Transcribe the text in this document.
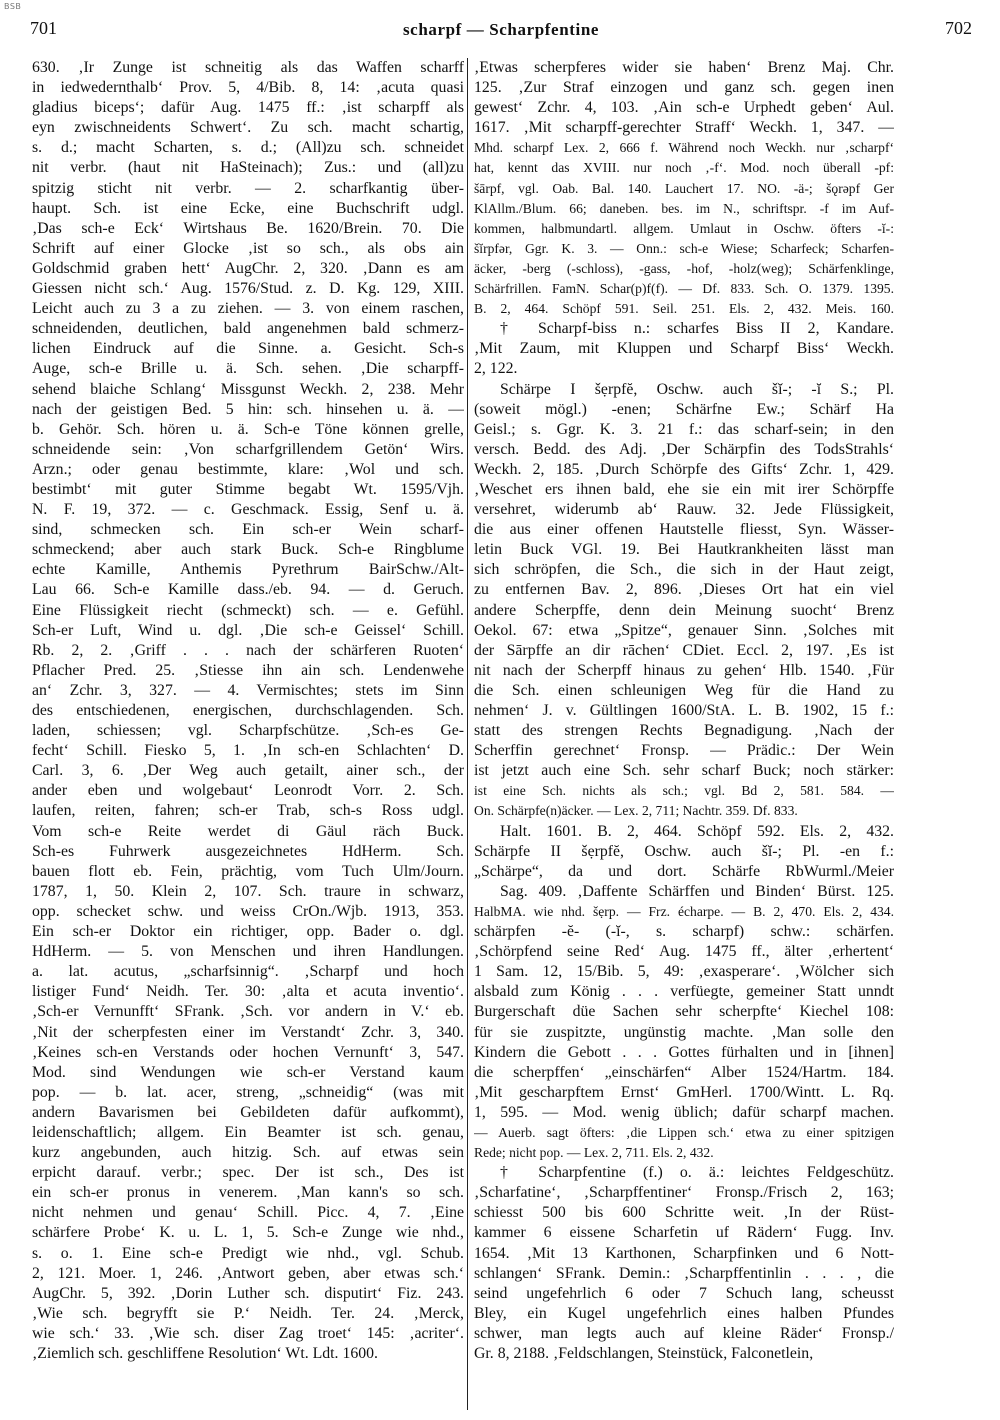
BSB
701	scharpf — Scharpfentine	702
630. ‚Ir Zunge ist schneitig als das Waffen scharff
in iedwedernthalb‘ Prov. 5, 4/Bib. 8, 14: ‚acuta quasi
gladius biceps‘; dafür Aug. 1475 ff.: ‚ist scharpff als
eyn zwischneidents Schwert‘. Zu sch. macht schartig,
s. d.; macht Scharten, s. d.; (All)zu sch. schneidet
nit verbr. (haut nit HaSteinach); Zus.: und (all)zu
spitzig sticht nit verbr. — 2. scharfkantig über-
haupt. Sch. ist eine Ecke, eine Buchschrift udgl.
‚Das sch-e Eck‘ Wirtshaus Be. 1620/Brein. 70. Die
Schrift auf einer Glocke ‚ist so sch., als obs ain
Goldschmid graben hett‘ AugChr. 2, 320. ‚Dann es am
Giessen nicht sch.‘ Aug. 1576/Stud. z. D. Kg. 129, XIII.
Leicht auch zu 3 a zu ziehen. — 3. von einem raschen,
schneidenden, deutlichen, bald angenehmen bald schmerz-
lichen Eindruck auf die Sinne. a. Gesicht. Sch-s
Auge, sch-e Brille u. ä. Sch. sehen. ‚Die scharpff-
sehend blaiche Schlang‘ Missgunst Weckh. 2, 238. Mehr
nach der geistigen Bed. 5 hin: sch. hinsehen u. ä. —
b. Gehör. Sch. hören u. ä. Sch-e Töne können grelle,
schneidende sein: ‚Von scharfgrillendem Getön‘ Wirs.
Arzn.; oder genau bestimmte, klare: ‚Wol und sch.
bestimbt‘ mit guter Stimme begabt Wt. 1595/Vjh.
N. F. 19, 372. — c. Geschmack. Essig, Senf u. ä.
sind, schmecken sch. Ein sch-er Wein scharf-
schmeckend; aber auch stark Buck. Sch-e Ringblume
echte Kamille, Anthemis Pyrethrum BairSchw./Alt-
Lau 66. Sch-e Kamille dass./eb. 94. — d. Geruch.
Eine Flüssigkeit riecht (schmeckt) sch. — e. Gefühl.
Sch-er Luft, Wind u. dgl. ‚Die sch-e Geissel‘ Schill.
Rb. 2, 2. ‚Griff . . . nach der schärferen Ruoten‘
Pflacher Pred. 25. ‚Stiesse ihn ain sch. Lendenwehe
an‘ Zchr. 3, 327. — 4. Vermischtes; stets im Sinn
des entschiedenen, energischen, durchschlagenden. Sch.
laden, schiessen; vgl. Scharpfschütze. ‚Sch-es Ge-
fecht‘ Schill. Fiesko 5, 1. ‚In sch-en Schlachten‘ D.
Carl. 3, 6. ‚Der Weg auch getailt, ainer sch., der
ander eben und wolgebaut‘ Leonrodt Vorr. 2. Sch.
laufen, reiten, fahren; sch-er Trab, sch-s Ross udgl.
Vom sch-e Reite werdet di Gäul räch Buck.
Sch-es Fuhrwerk ausgezeichnetes HdHerm. Sch.
bauen flott eb. Fein, prächtig, vom Tuch Ulm/Journ.
1787, 1, 50. Klein 2, 107. Sch. traure in schwarz,
opp. schecket schw. und weiss CrOn./Wjb. 1913, 353.
Ein sch-er Doktor ein richtiger, opp. Bader o. dgl.
HdHerm. — 5. von Menschen und ihren Handlungen.
a. lat. acutus, „scharfsinnig“. ‚Scharpf und hoch
listiger Fund‘ Neidh. Ter. 30: ‚alta et acuta inventio‘.
‚Sch-er Vernunfft‘ SFrank. ‚Sch. vor andern in V.‘ eb.
‚Nit der scherpfesten einer im Verstandt‘ Zchr. 3, 340.
‚Keines sch-en Verstands oder hochen Vernunft‘ 3, 547.
Mod. sind Wendungen wie sch-er Verstand kaum
pop. — b. lat. acer, streng, „schneidig“ (was mit
andern Bavarismen bei Gebildeten dafür aufkommt),
leidenschaftlich; allgem. Ein Beamter ist sch. genau,
kurz angebunden, auch hitzig. Sch. auf etwas sein
erpicht darauf. verbr.; spec. Der ist sch., Des ist
ein sch-er pronus in venerem. ‚Man kann's so sch.
nicht nehmen und genau‘ Schill. Picc. 4, 7. ‚Eine
schärfere Probe‘ K. u. L. 1, 5. Sch-e Zunge wie nhd.,
s. o. 1. Eine sch-e Predigt wie nhd., vgl. Schub.
2, 121. Moer. 1, 246. ‚Antwort geben, aber etwas sch.‘
AugChr. 5, 392. ‚Dorin Luther sch. disputirt‘ Fiz. 243.
‚Wie sch. begryfft sie P.‘ Neidh. Ter. 24. ‚Merck,
wie sch.‘ 33. ‚Wie sch. diser Zag troet‘ 145: ‚acriter‘.
‚Ziemlich sch. geschliffene Resolution‘ Wt. Ldt. 1600.
‚Etwas scherpferes wider sie haben‘ Brenz Maj. Chr.
125. ‚Zur Straf einzogen und ganz sch. gegen inen
gewest‘ Zchr. 4, 103. ‚Ain sch-e Urphedt geben‘ Aul.
1617. ‚Mit scharpff-gerechter Straff‘ Weckh. 1, 347. —
Mhd. scharpf Lex. 2, 666 f. Während noch Weckh. nur ‚scharpf‘
hat, kennt das XVIII. nur noch ‚-f‘. Mod. noch überall -pf:
šārpf, vgl. Oab. Bal. 140. Lauchert 17. NO. -ä-; šǫrǝpf Ger
KlAllm./Blum. 66; daneben. bes. im N., schriftspr. -f im Auf-
kommen, halbmundartl. allgem. Umlaut in Oschw. öfters -ĭ-:
šĭrpfǝr, Ggr. K. 3. — Onn.: sch-e Wiese; Scharfeck; Scharfen-
äcker, -berg (-schloss), -gass, -hof, -holz(weg); Schärfenklinge,
Schärfrillen. FamN. Schar(p)f(f). — Df. 833. Sch. O. 1379. 1395.
B. 2, 464. Schöpf 591. Seil. 251. Els. 2, 432. Meis. 160.
† Scharpf-biss n.: scharfes Biss II 2, Kandare.
‚Mit Zaum, mit Kluppen und Scharpf Biss‘ Weckh.
2, 122.
Schärpe I šẹrpfĕ, Oschw. auch šĭ-; -ĭ S.; Pl.
(soweit mögl.) -enen; Schärfne Ew.; Schärf Ha
Geisl.; s. Ggr. K. 3. 21 f.: das scharf-sein; in den
versch. Bedd. des Adj. ‚Der Schärpfin des TodsStrahls‘
Weckh. 2, 185. ‚Durch Schörpfe des Gifts‘ Zchr. 1, 429.
‚Weschet ers ihnen bald, ehe sie ein mit irer Schörpffe
versehret, widerumb ab‘ Rauw. 32. Jede Flüssigkeit,
die aus einer offenen Hautstelle fliesst, Syn. Wässer-
letin Buck VGl. 19. Bei Hautkrankheiten lässt man
sich schröpfen, die Sch., die sich in der Haut zeigt,
zu entfernen Bav. 2, 896. ‚Dieses Ort hat ein viel
andere Scherpffe, denn dein Meinung suocht‘ Brenz
Oekol. 67: etwa „Spitze“, genauer Sinn. ‚Solches mit
der Sārpffe an dir rāchen‘ CDiet. Eccl. 2, 197. ‚Es ist
nit nach der Scherpff hinaus zu gehen‘ Hlb. 1540. ‚Für
die Sch. einen schleunigen Weg für die Hand zu
nehmen‘ J. v. Gültlingen 1600/StA. L. B. 1902, 15 f.:
statt des strengen Rechts Begnadigung. ‚Nach der
Scherffin gerechnet‘ Fronsp. — Prädic.: Der Wein
ist jetzt auch eine Sch. sehr scharf Buck; noch stärker:
ist eine Sch. nichts als sch.; vgl. Bd 2, 581. 584. —
On. Schärpfe(n)äcker. — Lex. 2, 711; Nachtr. 359. Df. 833.
Halt. 1601. B. 2, 464. Schöpf 592. Els. 2, 432.
Schärpfe II šẹrpfĕ, Oschw. auch šĭ-; Pl. -en f.:
„Schärpe“, da und dort. Schärfe RbWurml./Meier
Sag. 409. ‚Daffente Schärffen und Binden‘ Bürst. 125.
HalbMA. wie nhd. šẹrp. — Frz. écharpe. — B. 2, 470. Els. 2, 434.
schärpfen -ĕ- (-ĭ-, s. scharpf) schw.: schärfen.
‚Schörpfend seine Red‘ Aug. 1475 ff., älter ‚erhertent‘
1 Sam. 12, 15/Bib. 5, 49: ‚exasperare‘. ‚Wölcher sich
alsbald zum König . . . verfüegte, gemeiner Statt unndt
Burgerschaft düe Sachen sehr scherpfte‘ Kiechel 108:
für sie zuspitzte, ungünstig machte. ‚Man solle den
Kindern die Gebott . . . Gottes fürhalten und in [ihnen]
die scherpffen‘ „einschärfen“ Alber 1524/Hartm. 184.
‚Mit gescharpftem Ernst‘ GmHerl. 1700/Wintt. L. Rq.
1, 595. — Mod. wenig üblich; dafür scharpf machen.
— Auerb. sagt öfters: ‚die Lippen sch.‘ etwa zu einer spitzigen
Rede; nicht pop. — Lex. 2, 711. Els. 2, 432.
† Scharpfentine (f.) o. ä.: leichtes Feldgeschütz.
‚Scharfatine‘, ‚Scharpffentiner‘ Fronsp./Frisch 2, 163;
schiesst 500 bis 600 Schritte weit. ‚In der Rüst-
kammer 6 eissene Scharfetin uf Rädern‘ Fugg. Inv.
1654. ‚Mit 13 Karthonen, Scharpfinken und 6 Nott-
schlangen‘ SFrank. Demin.: ‚Scharpffentinlin . . . , die
seind ungefehrlich 6 oder 7 Schuch lang, scheusst
Bley, ein Kugel ungefehrlich eines halben Pfundes
schwer, man legts auch auf kleine Räder‘ Fronsp./
Gr. 8, 2188. ‚Feldschlangen, Steinstück, Falconetlein,
